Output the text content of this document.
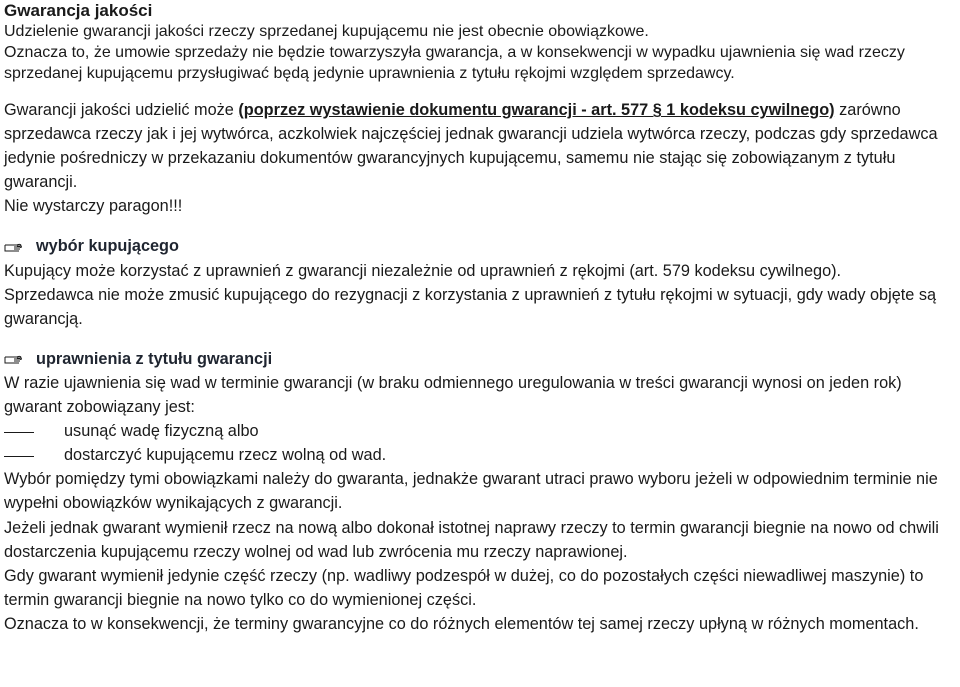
Gwarancja jakości

Udzielenie gwarancji jakości rzeczy sprzedanej kupującemu nie jest obecnie obowiązkowe.

Oznacza to, że umowie sprzedaży nie będzie towarzyszyła gwarancja, a w konsekwencji w wypadku ujawnienia się wad rzeczy sprzedanej kupującemu przysługiwać będą jedynie uprawnienia z tytułu rękojmi względem sprzedawcy.

Gwarancji jakości udzielić może (poprzez wystawienie dokumentu gwarancji - art. 577 § 1 kodeksu cywilnego) zarówno sprzedawca rzeczy jak i jej wytwórca, aczkolwiek najczęściej jednak gwarancji udziela wytwórca rzeczy, podczas gdy sprzedawca jedynie pośredniczy w przekazaniu dokumentów gwarancyjnych kupującemu, samemu nie stając się zobowiązanym z tytułu gwarancji.

Nie wystarczy paragon!!!

wybór kupującego

Kupujący może korzystać z uprawnień z gwarancji niezależnie od uprawnień z rękojmi (art. 579 kodeksu cywilnego).

Sprzedawca nie może zmusić kupującego do rezygnacji z korzystania z uprawnień z tytułu rękojmi w sytuacji, gdy wady objęte są gwarancją.

uprawnienia z tytułu gwarancji

W razie ujawnienia się wad w terminie gwarancji (w braku odmiennego uregulowania w treści gwarancji wynosi on jeden rok) gwarant zobowiązany jest:

usunąć wadę fizyczną albo
dostarczyć kupującemu rzecz wolną od wad.

Wybór pomiędzy tymi obowiązkami należy do gwaranta, jednakże gwarant utraci prawo wyboru jeżeli w odpowiednim terminie nie wypełni obowiązków wynikających z gwarancji.

Jeżeli jednak gwarant wymienił rzecz na nową albo dokonał istotnej naprawy rzeczy to termin gwarancji biegnie na nowo od chwili dostarczenia kupującemu rzeczy wolnej od wad lub zwrócenia mu rzeczy naprawionej.

Gdy gwarant wymienił jedynie część rzeczy (np. wadliwy podzespół w dużej, co do pozostałych części niewadliwej maszynie) to termin gwarancji biegnie na nowo tylko co do wymienionej części.

Oznacza to w konsekwencji, że terminy gwarancyjne co do różnych elementów tej samej rzeczy upłyną w różnych momentach.
